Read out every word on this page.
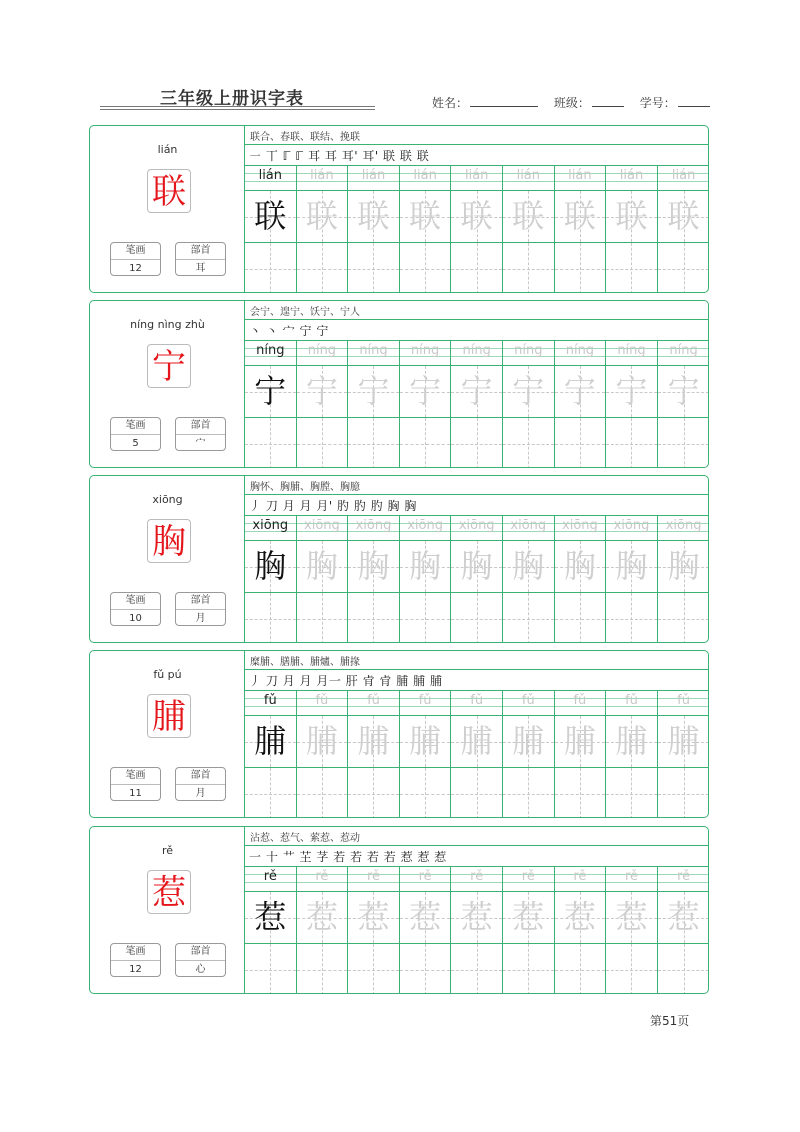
三年级上册识字表	姓名：	班级：	学号：
lián
联
笔画
12
部首
耳
联合、春联、联结、挽联
㇐ 丅 ℾ ℾ 耳 耳 耳' 耳' 联 联 联
lián
联
lián
联
lián
联
lián
联
lián
联
lián
联
lián
联
lián
联
lián
联
níng nìng zhù
宁
笔画
5
部首
宀
会宁、遑宁、饫宁、宁人
丶 丶 宀 宁 宁
níng
宁
níng
宁
níng
宁
níng
宁
níng
宁
níng
宁
níng
宁
níng
宁
níng
宁
xiōng
胸
笔画
10
部首
月
胸怀、胸脯、胸膛、胸臆
丿 刀 月 月 月' 肑 肑 肑 胸 胸
xiōng
胸
xiōng
胸
xiōng
胸
xiōng
胸
xiōng
胸
xiōng
胸
xiōng
胸
xiōng
胸
xiōng
胸
fǔ pú
脯
笔画
11
部首
月
糜脯、膳脯、脯爐、脯掾
丿 刀 月 月 月一 肝 肻 肻 脯 脯 脯
fǔ
脯
fǔ
脯
fǔ
脯
fǔ
脯
fǔ
脯
fǔ
脯
fǔ
脯
fǔ
脯
fǔ
脯
rě
惹
笔画
12
部首
心
沾惹、惹气、萦惹、惹动
一 十 艹 芏 芓 若 若 若 若 惹 惹 惹
rě
惹
rě
惹
rě
惹
rě
惹
rě
惹
rě
惹
rě
惹
rě
惹
rě
惹
第51页
